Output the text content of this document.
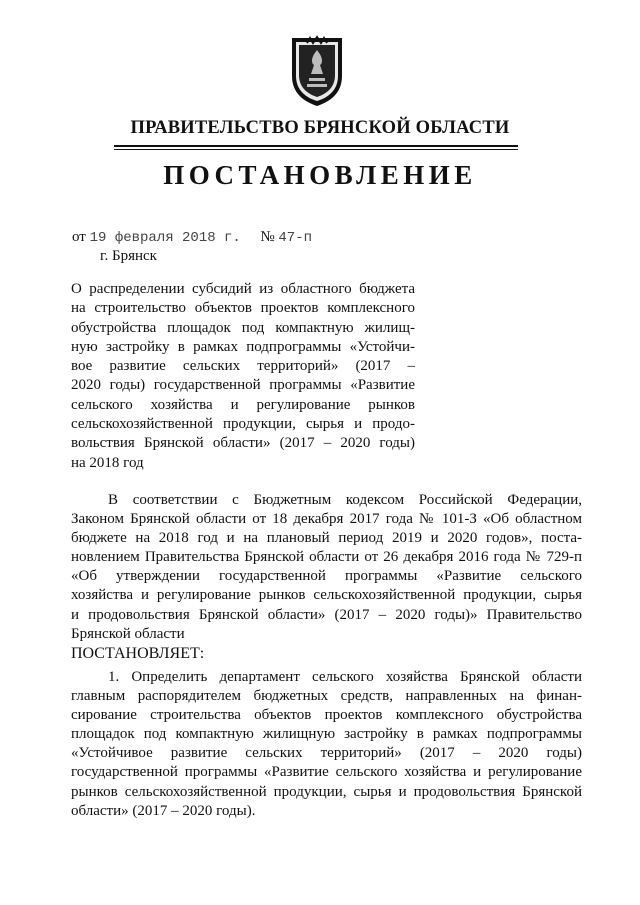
ПРАВИТЕЛЬСТВО БРЯНСКОЙ ОБЛАСТИ
ПОСТАНОВЛЕНИЕ
от 19 февраля 2018 г. № 47-п
г. Брянск
О распределении субсидий из областного бюджета
на строительство объектов проектов комплексного
обустройства площадок под компактную жилищ-
ную застройку в рамках подпрограммы «Устойчи-
вое развитие сельских территорий» (2017 –
2020 годы) государственной программы «Развитие
сельского хозяйства и регулирование рынков
сельскохозяйственной продукции, сырья и продо-
вольствия Брянской области» (2017 – 2020 годы)
на 2018 год
В соответствии с Бюджетным кодексом Российской Федерации,
Законом Брянской области от 18 декабря 2017 года № 101-З «Об областном
бюджете на 2018 год и на плановый период 2019 и 2020 годов», поста-
новлением Правительства Брянской области от 26 декабря 2016 года № 729-п
«Об утверждении государственной программы «Развитие сельского
хозяйства и регулирование рынков сельскохозяйственной продукции, сырья
и продовольствия Брянской области» (2017 – 2020 годы)» Правительство
Брянской области
ПОСТАНОВЛЯЕТ:
1. Определить департамент сельского хозяйства Брянской области
главным распорядителем бюджетных средств, направленных на финан-
сирование строительства объектов проектов комплексного обустройства
площадок под компактную жилищную застройку в рамках подпрограммы
«Устойчивое развитие сельских территорий» (2017 – 2020 годы)
государственной программы «Развитие сельского хозяйства и регулирование
рынков сельскохозяйственной продукции, сырья и продовольствия Брянской
области» (2017 – 2020 годы).
